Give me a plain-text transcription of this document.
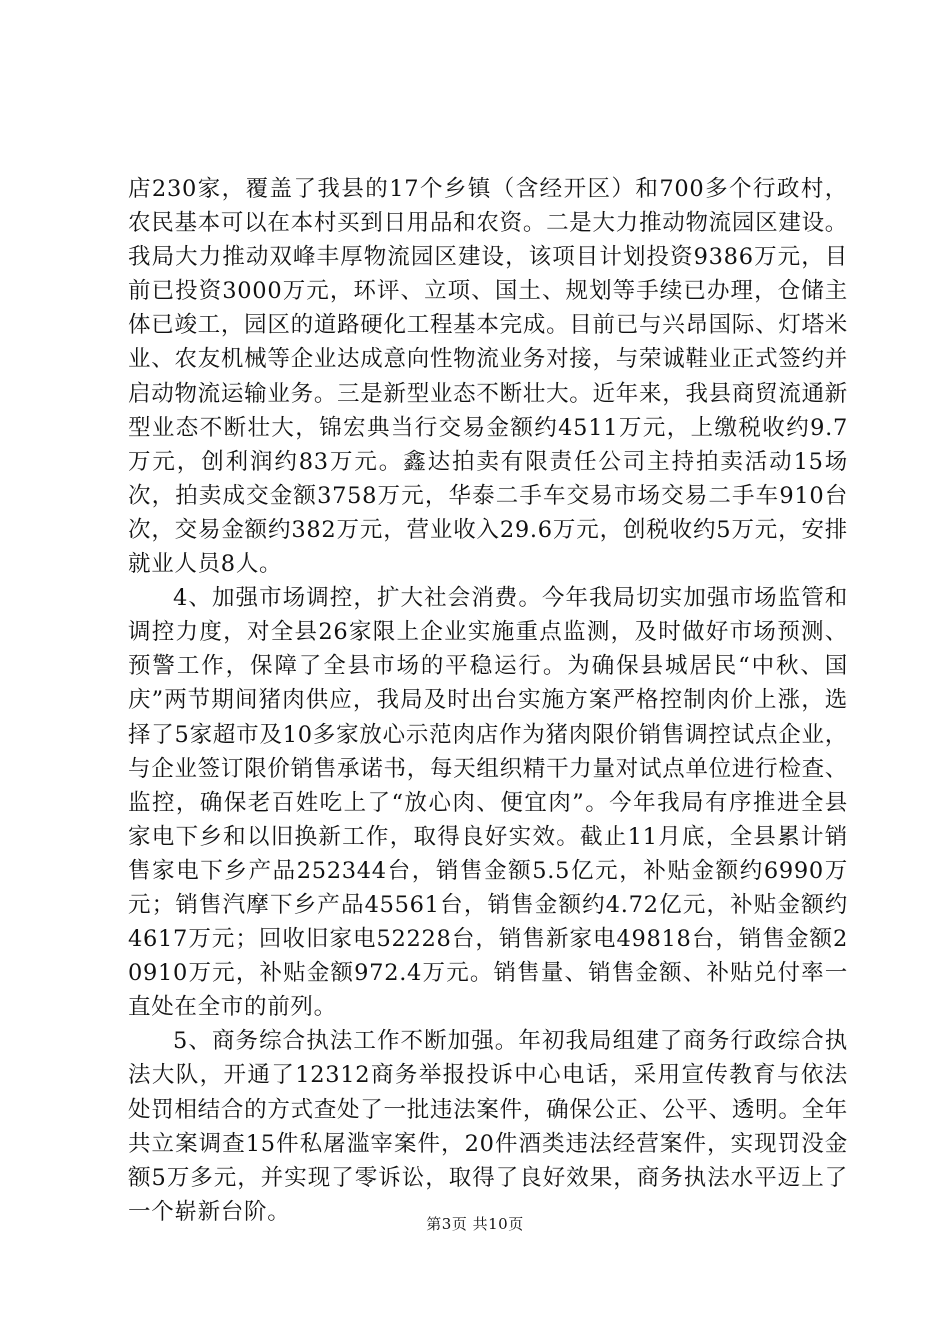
店230家，覆盖了我县的17个乡镇（含经开区）和700多个行政村，农民基本可以在本村买到日用品和农资。二是大力推动物流园区建设。我局大力推动双峰丰厚物流园区建设，该项目计划投资9386万元，目前已投资3000万元，环评、立项、国土、规划等手续已办理，仓储主体已竣工，园区的道路硬化工程基本完成。目前已与兴昂国际、灯塔米业、农友机械等企业达成意向性物流业务对接，与荣诚鞋业正式签约并启动物流运输业务。三是新型业态不断壮大。近年来，我县商贸流通新型业态不断壮大，锦宏典当行交易金额约4511万元，上缴税收约9.7万元，创利润约83万元。鑫达拍卖有限责任公司主持拍卖活动15场次，拍卖成交金额3758万元，华泰二手车交易市场交易二手车910台次，交易金额约382万元，营业收入29.6万元，创税收约5万元，安排就业人员8人。

4、加强市场调控，扩大社会消费。今年我局切实加强市场监管和调控力度，对全县26家限上企业实施重点监测，及时做好市场预测、预警工作，保障了全县市场的平稳运行。为确保县城居民“中秋、国庆”两节期间猪肉供应，我局及时出台实施方案严格控制肉价上涨，选择了5家超市及10多家放心示范肉店作为猪肉限价销售调控试点企业，与企业签订限价销售承诺书，每天组织精干力量对试点单位进行检查、监控，确保老百姓吃上了“放心肉、便宜肉”。今年我局有序推进全县家电下乡和以旧换新工作，取得良好实效。截止11月底，全县累计销售家电下乡产品252344台，销售金额5.5亿元，补贴金额约6990万元；销售汽摩下乡产品45561台，销售金额约4.72亿元，补贴金额约4617万元；回收旧家电52228台，销售新家电49818台，销售金额20910万元，补贴金额972.4万元。销售量、销售金额、补贴兑付率一直处在全市的前列。

5、商务综合执法工作不断加强。年初我局组建了商务行政综合执法大队，开通了12312商务举报投诉中心电话，采用宣传教育与依法处罚相结合的方式查处了一批违法案件，确保公正、公平、透明。全年共立案调查15件私屠滥宰案件，20件酒类违法经营案件，实现罚没金额5万多元，并实现了零诉讼，取得了良好效果，商务执法水平迈上了一个崭新台阶。	第3页 共10页
